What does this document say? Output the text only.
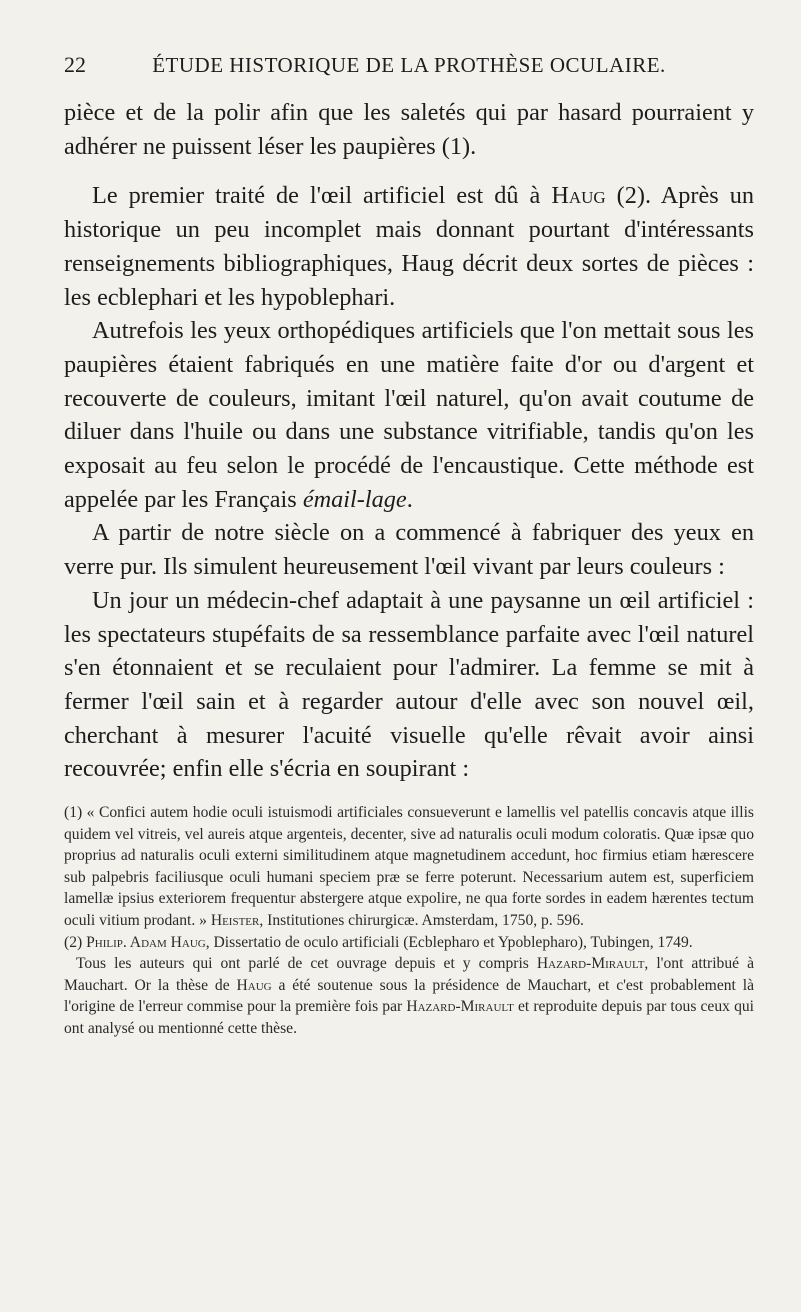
22	ÉTUDE HISTORIQUE DE LA PROTHÈSE OCULAIRE.

pièce et de la polir afin que les saletés qui par hasard pourraient y adhérer ne puissent léser les paupières (1).

Le premier traité de l'œil artificiel est dû à Haug (2). Après un historique un peu incomplet mais donnant pourtant d'intéressants renseignements bibliographiques, Haug décrit deux sortes de pièces : les ecblephari et les hypoblephari.

Autrefois les yeux orthopédiques artificiels que l'on mettait sous les paupières étaient fabriqués en une matière faite d'or ou d'argent et recouverte de couleurs, imitant l'œil naturel, qu'on avait coutume de diluer dans l'huile ou dans une substance vitrifiable, tandis qu'on les exposait au feu selon le procédé de l'encaustique. Cette méthode est appelée par les Français émail-lage.

A partir de notre siècle on a commencé à fabriquer des yeux en verre pur. Ils simulent heureusement l'œil vivant par leurs couleurs :

Un jour un médecin-chef adaptait à une paysanne un œil artificiel : les spectateurs stupéfaits de sa ressemblance parfaite avec l'œil naturel s'en étonnaient et se reculaient pour l'admirer. La femme se mit à fermer l'œil sain et à regarder autour d'elle avec son nouvel œil, cherchant à mesurer l'acuité visuelle qu'elle rêvait avoir ainsi recouvrée; enfin elle s'écria en soupirant :

(1) « Confici autem hodie oculi istuismodi artificiales consueverunt e lamellis vel patellis concavis atque illis quidem vel vitreis, vel aureis atque argenteis, decenter, sive ad naturalis oculi modum coloratis. Quæ ipsæ quo proprius ad naturalis oculi externi similitudinem atque magnetudinem accedunt, hoc firmius etiam hærescere sub palpebris faciliusque oculi humani speciem præ se ferre poterunt. Necessarium autem est, superficiem lamellæ ipsius exteriorem frequentur abstergere atque expolire, ne qua forte sordes in eadem hærentes tectum oculi vitium prodant. » Heister, Institutiones chirurgicæ. Amsterdam, 1750, p. 596.

(2) Philip. Adam Haug, Dissertatio de oculo artificiali (Ecblepharo et Ypoblepharo), Tubingen, 1749.

Tous les auteurs qui ont parlé de cet ouvrage depuis et y compris Hazard-Mirault, l'ont attribué à Mauchart. Or la thèse de Haug a été soutenue sous la présidence de Mauchart, et c'est probablement là l'origine de l'erreur commise pour la première fois par Hazard-Mirault et reproduite depuis par tous ceux qui ont analysé ou mentionné cette thèse.
